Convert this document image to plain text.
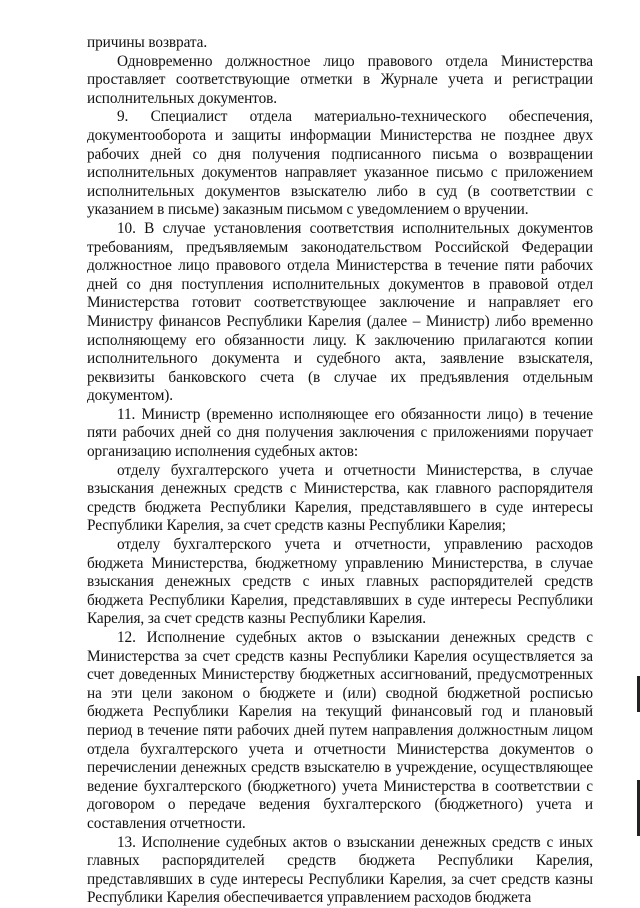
причины возврата.

Одновременно должностное лицо правового отдела Министерства проставляет соответствующие отметки в Журнале учета и регистрации исполнительных документов.

9. Специалист отдела материально-технического обеспечения, документооборота и защиты информации Министерства не позднее двух рабочих дней со дня получения подписанного письма о возвращении исполнительных документов направляет указанное письмо с приложением исполнительных документов взыскателю либо в суд (в соответствии с указанием в письме) заказным письмом с уведомлением о вручении.

10. В случае установления соответствия исполнительных документов требованиям, предъявляемым законодательством Российской Федерации должностное лицо правового отдела Министерства в течение пяти рабочих дней со дня поступления исполнительных документов в правовой отдел Министерства готовит соответствующее заключение и направляет его Министру финансов Республики Карелия (далее – Министр) либо временно исполняющему его обязанности лицу. К заключению прилагаются копии исполнительного документа и судебного акта, заявление взыскателя, реквизиты банковского счета (в случае их предъявления отдельным документом).

11. Министр (временно исполняющее его обязанности лицо) в течение пяти рабочих дней со дня получения заключения с приложениями поручает организацию исполнения судебных актов:

отделу бухгалтерского учета и отчетности Министерства, в случае взыскания денежных средств с Министерства, как главного распорядителя средств бюджета Республики Карелия, представлявшего в суде интересы Республики Карелия, за счет средств казны Республики Карелия;

отделу бухгалтерского учета и отчетности, управлению расходов бюджета Министерства, бюджетному управлению Министерства, в случае взыскания денежных средств с иных главных распорядителей средств бюджета Республики Карелия, представлявших в суде интересы Республики Карелия, за счет средств казны Республики Карелия.

12. Исполнение судебных актов о взыскании денежных средств с Министерства за счет средств казны Республики Карелия осуществляется за счет доведенных Министерству бюджетных ассигнований, предусмотренных на эти цели законом о бюджете и (или) сводной бюджетной росписью бюджета Республики Карелия на текущий финансовый год и плановый период в течение пяти рабочих дней путем направления должностным лицом отдела бухгалтерского учета и отчетности Министерства документов о перечислении денежных средств взыскателю в учреждение, осуществляющее ведение бухгалтерского (бюджетного) учета Министерства в соответствии с договором о передаче ведения бухгалтерского (бюджетного) учета и составления отчетности.

13. Исполнение судебных актов о взыскании денежных средств с иных главных распорядителей средств бюджета Республики Карелия, представлявших в суде интересы Республики Карелия, за счет средств казны Республики Карелия обеспечивается управлением расходов бюджета
